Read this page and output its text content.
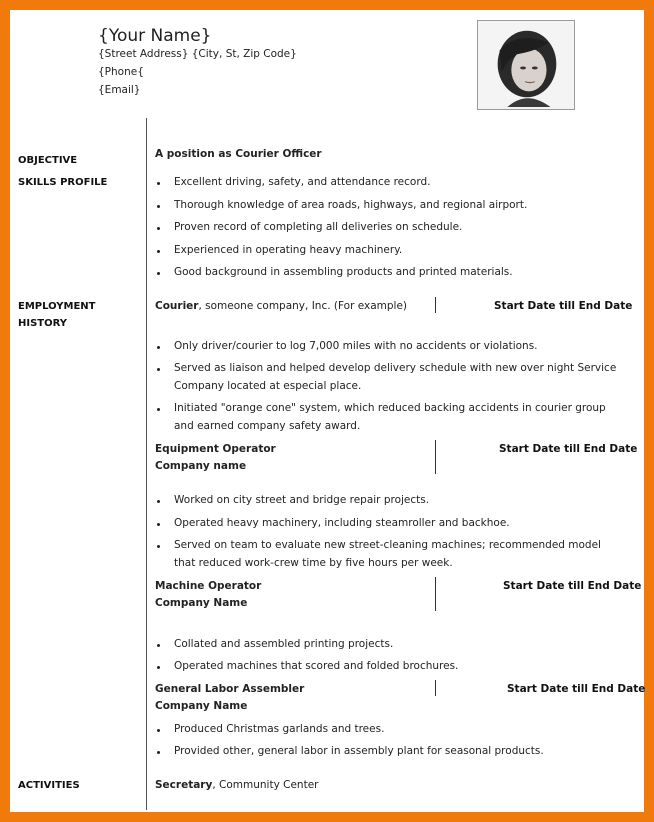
{Your Name}
{Street Address} {City, St, Zip Code}
{Phone{
{Email}
OBJECTIVE
SKILLS PROFILE
EMPLOYMENT
HISTORY
ACTIVITIES
A position as Courier Officer
Excellent driving, safety, and attendance record.
Thorough knowledge of area roads, highways, and regional airport.
Proven record of completing all deliveries on schedule.
Experienced in operating heavy machinery.
Good background in assembling products and printed materials.
Courier, someone company, Inc. (For example)	Start Date till End Date
Only driver/courier to log 7,000 miles with no accidents or violations.
Served as liaison and helped develop delivery schedule with new over night Service
Company located at especial place.
Initiated "orange cone" system, which reduced backing accidents in courier group
and earned company safety award.
Equipment Operator
Company name
Start Date till End Date
Worked on city street and bridge repair projects.
Operated heavy machinery, including steamroller and backhoe.
Served on team to evaluate new street-cleaning machines; recommended model
that reduced work-crew time by five hours per week.
Machine Operator
Company Name
Start Date till End Date
Collated and assembled printing projects.
Operated machines that scored and folded brochures.
General Labor Assembler
Company Name
Start Date till End Date
Produced Christmas garlands and trees.
Provided other, general labor in assembly plant for seasonal products.
Secretary, Community Center
